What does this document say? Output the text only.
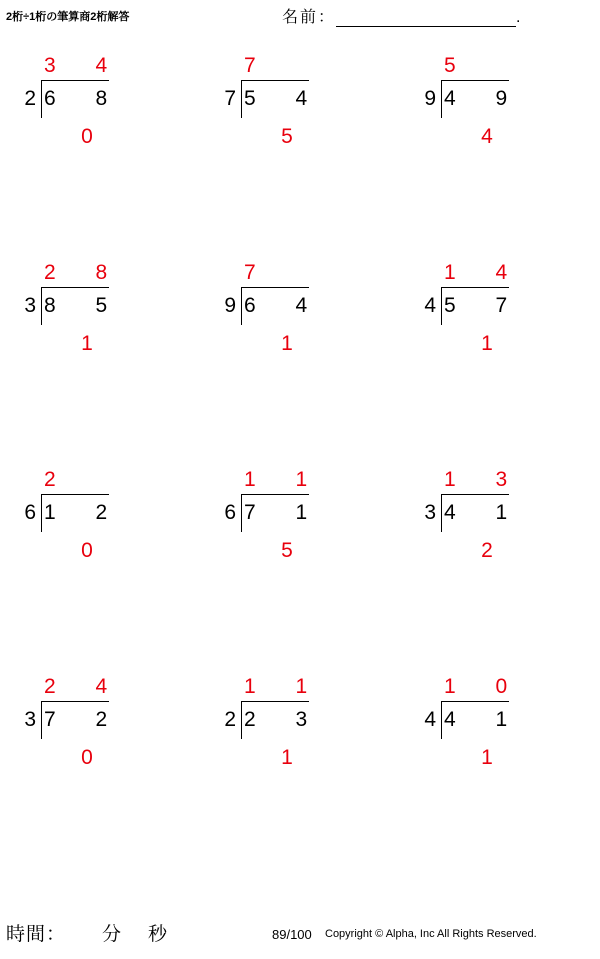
2桁÷1桁の筆算商2桁解答	名前：	.
3 4
2 6 8
0
7
7 5 4
5
5
9 4 9
4
2 8
3 8 5
1
7
9 6 4
1
1 4
4 5 7
1
2
6 1 2
0
1 1
6 7 1
5
1 3
3 4 1
2
2 4
3 7 2
0
1 1
2 2 3
1
1 0
4 4 1
1
時間： 分 秒	89/100 Copyright © Alpha, Inc All Rights Reserved.
